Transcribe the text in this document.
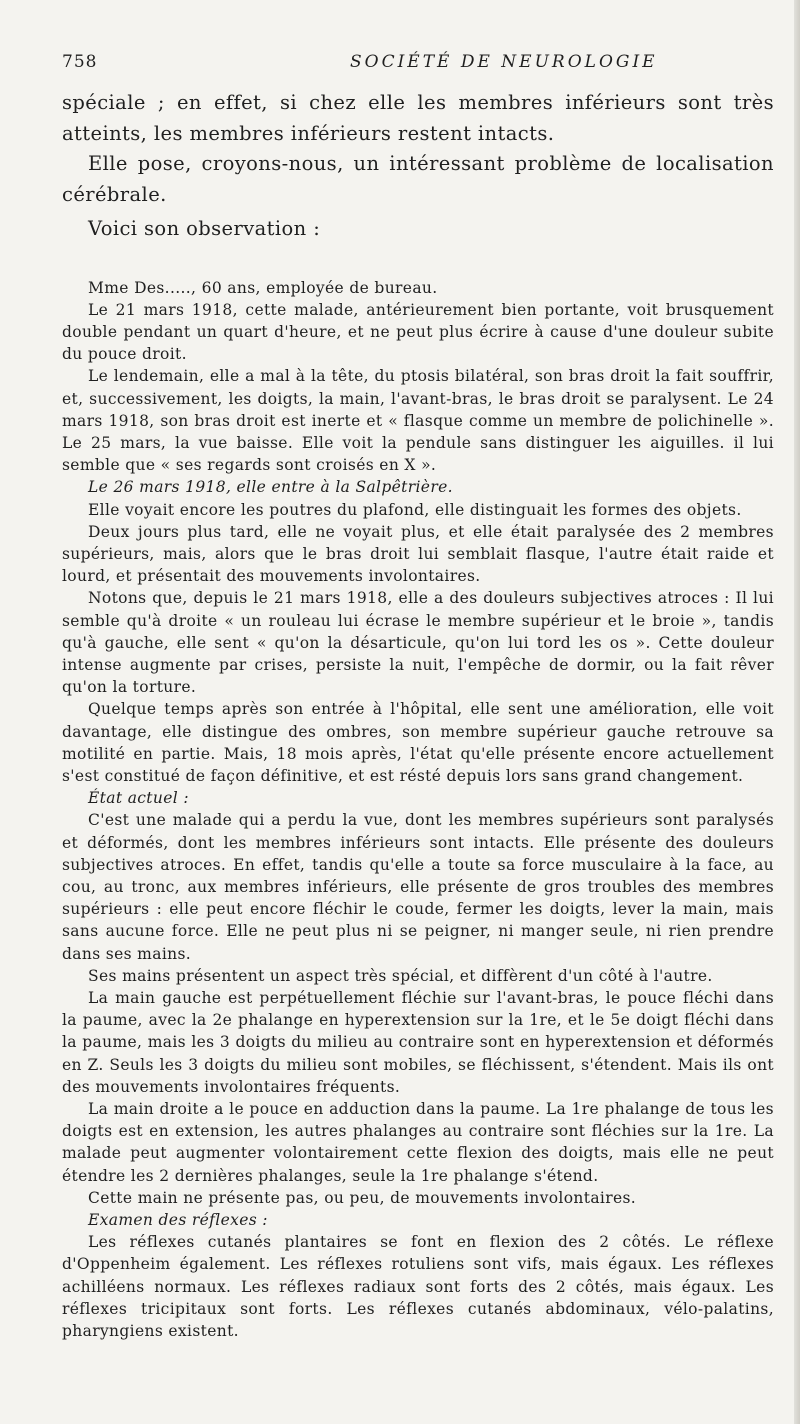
758	SOCIÉTÉ DE NEUROLOGIE

spéciale ; en effet, si chez elle les membres inférieurs sont très atteints, les membres inférieurs restent intacts.

Elle pose, croyons-nous, un intéressant problème de localisation cérébrale.

Voici son observation :

Mme Des....., 60 ans, employée de bureau.

Le 21 mars 1918, cette malade, antérieurement bien portante, voit brusquement double pendant un quart d'heure, et ne peut plus écrire à cause d'une douleur subite du pouce droit.

Le lendemain, elle a mal à la tête, du ptosis bilatéral, son bras droit la fait souffrir, et, successivement, les doigts, la main, l'avant-bras, le bras droit se paralysent. Le 24 mars 1918, son bras droit est inerte et « flasque comme un membre de polichinelle ». Le 25 mars, la vue baisse. Elle voit la pendule sans distinguer les aiguilles. il lui semble que « ses regards sont croisés en X ».

Le 26 mars 1918, elle entre à la Salpêtrière.

Elle voyait encore les poutres du plafond, elle distinguait les formes des objets.

Deux jours plus tard, elle ne voyait plus, et elle était paralysée des 2 membres supérieurs, mais, alors que le bras droit lui semblait flasque, l'autre était raide et lourd, et présentait des mouvements involontaires.

Notons que, depuis le 21 mars 1918, elle a des douleurs subjectives atroces : Il lui semble qu'à droite « un rouleau lui écrase le membre supérieur et le broie », tandis qu'à gauche, elle sent « qu'on la désarticule, qu'on lui tord les os ». Cette douleur intense augmente par crises, persiste la nuit, l'empêche de dormir, ou la fait rêver qu'on la torture.

Quelque temps après son entrée à l'hôpital, elle sent une amélioration, elle voit davantage, elle distingue des ombres, son membre supérieur gauche retrouve sa motilité en partie. Mais, 18 mois après, l'état qu'elle présente encore actuellement s'est constitué de façon définitive, et est résté depuis lors sans grand changement.

État actuel :

C'est une malade qui a perdu la vue, dont les membres supérieurs sont paralysés et déformés, dont les membres inférieurs sont intacts. Elle présente des douleurs subjectives atroces. En effet, tandis qu'elle a toute sa force musculaire à la face, au cou, au tronc, aux membres inférieurs, elle présente de gros troubles des membres supérieurs : elle peut encore fléchir le coude, fermer les doigts, lever la main, mais sans aucune force. Elle ne peut plus ni se peigner, ni manger seule, ni rien prendre dans ses mains.

Ses mains présentent un aspect très spécial, et diffèrent d'un côté à l'autre.

La main gauche est perpétuellement fléchie sur l'avant-bras, le pouce fléchi dans la paume, avec la 2e phalange en hyperextension sur la 1re, et le 5e doigt fléchi dans la paume, mais les 3 doigts du milieu au contraire sont en hyperextension et déformés en Z. Seuls les 3 doigts du milieu sont mobiles, se fléchissent, s'étendent. Mais ils ont des mouvements involontaires fréquents.

La main droite a le pouce en adduction dans la paume. La 1re phalange de tous les doigts est en extension, les autres phalanges au contraire sont fléchies sur la 1re. La malade peut augmenter volontairement cette flexion des doigts, mais elle ne peut étendre les 2 dernières phalanges, seule la 1re phalange s'étend.

Cette main ne présente pas, ou peu, de mouvements involontaires.

Examen des réflexes :

Les réflexes cutanés plantaires se font en flexion des 2 côtés. Le réflexe d'Oppenheim également. Les réflexes rotuliens sont vifs, mais égaux. Les réflexes achilléens normaux. Les réflexes radiaux sont forts des 2 côtés, mais égaux. Les réflexes tricipitaux sont forts. Les réflexes cutanés abdominaux, vélo-palatins, pharyngiens existent.
